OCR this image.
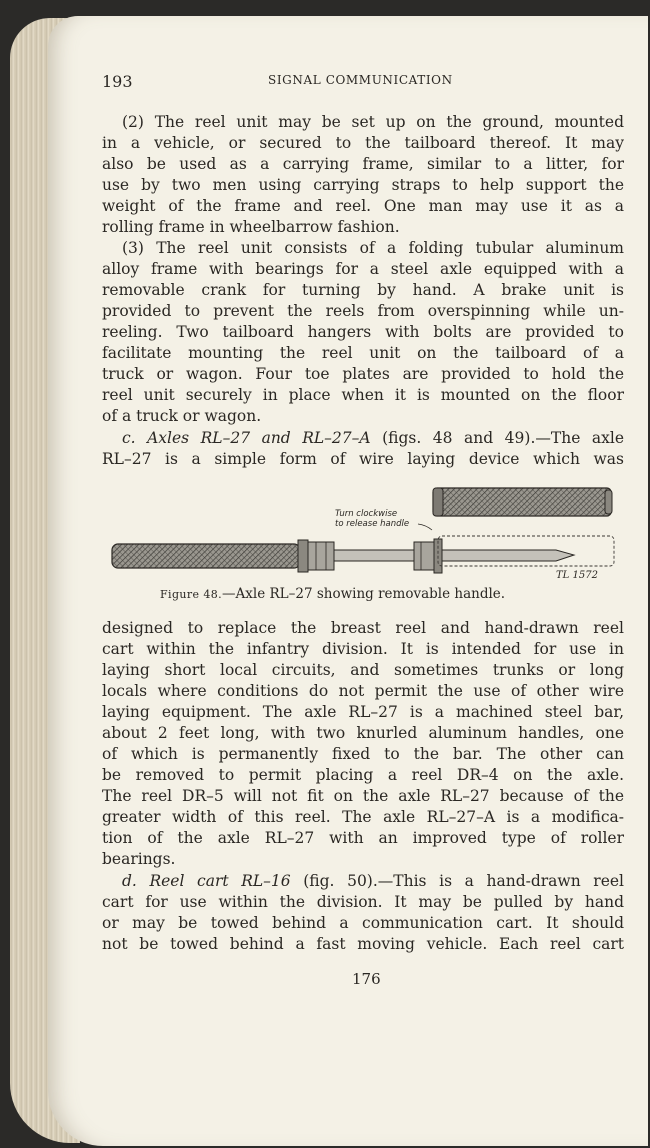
193	SIGNAL COMMUNICATION
(2) The reel unit may be set up on the ground, mounted
in a vehicle, or secured to the tailboard thereof. It may
also be used as a carrying frame, similar to a litter, for
use by two men using carrying straps to help support the
weight of the frame and reel. One man may use it as a
rolling frame in wheelbarrow fashion.
(3) The reel unit consists of a folding tubular aluminum
alloy frame with bearings for a steel axle equipped with a
removable crank for turning by hand. A brake unit is
provided to prevent the reels from overspinning while un-
reeling. Two tailboard hangers with bolts are provided to
facilitate mounting the reel unit on the tailboard of a
truck or wagon. Four toe plates are provided to hold the
reel unit securely in place when it is mounted on the floor
of a truck or wagon.
c. Axles RL–27 and RL–27–A (figs. 48 and 49).—The axle
RL–27 is a simple form of wire laying device which was
Turn clockwise
to release handle
TL 1572
Figure 48.—Axle RL–27 showing removable handle.
designed to replace the breast reel and hand-drawn reel
cart within the infantry division. It is intended for use in
laying short local circuits, and sometimes trunks or long
locals where conditions do not permit the use of other wire
laying equipment. The axle RL–27 is a machined steel bar,
about 2 feet long, with two knurled aluminum handles, one
of which is permanently fixed to the bar. The other can
be removed to permit placing a reel DR–4 on the axle.
The reel DR–5 will not fit on the axle RL–27 because of the
greater width of this reel. The axle RL–27–A is a modifica-
tion of the axle RL–27 with an improved type of roller
bearings.
d. Reel cart RL–16 (fig. 50).—This is a hand-drawn reel
cart for use within the division. It may be pulled by hand
or may be towed behind a communication cart. It should
not be towed behind a fast moving vehicle. Each reel cart
176
